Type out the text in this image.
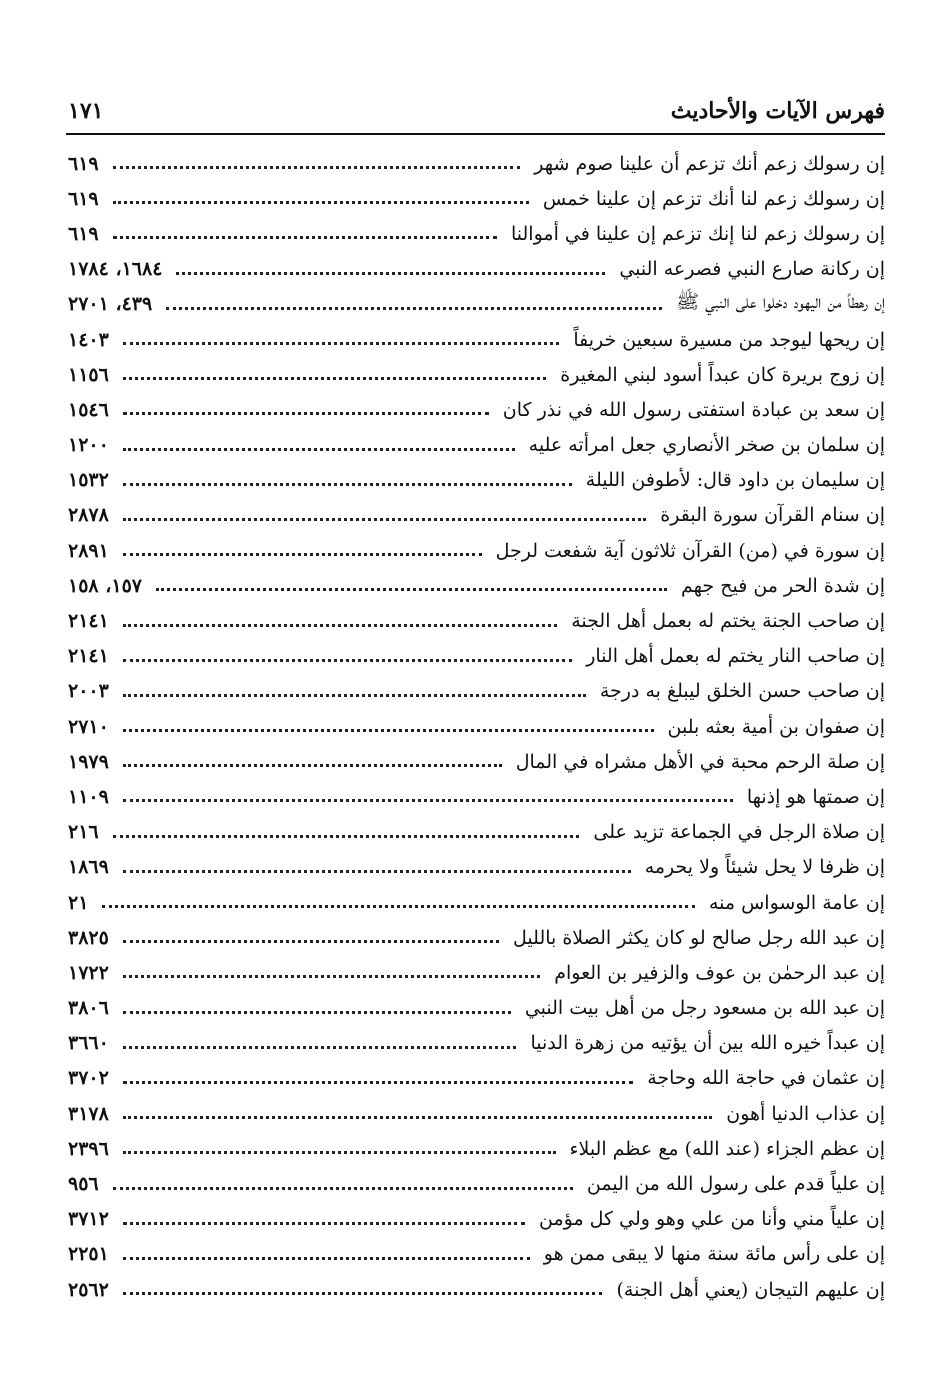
فهرس الآيات والأحاديث
١٧١
إن رسولك زعم أنك تزعم أن علينا صوم شهر
٦١٩
إن رسولك زعم لنا أنك تزعم إن علينا خمس
٦١٩
إن رسولك زعم لنا إنك تزعم إن علينا في أموالنا
٦١٩
إن ركانة صارع النبي فصرعه النبي
١٦٨٤، ١٧٨٤
إن رهطاً من اليهود دخلوا على النبي ﷺ
٤٣٩، ٢٧٠١
إن ريحها ليوجد من مسيرة سبعين خريفاً
١٤٠٣
إن زوج بريرة كان عبداً أسود لبني المغيرة
١١٥٦
إن سعد بن عبادة استفتى رسول الله في نذر كان
١٥٤٦
إن سلمان بن صخر الأنصاري جعل امرأته عليه
١٢٠٠
إن سليمان بن داود قال: لأطوفن الليلة
١٥٣٢
إن سنام القرآن سورة البقرة
٢٨٧٨
إن سورة في (من) القرآن ثلاثون آية شفعت لرجل
٢٨٩١
إن شدة الحر من فيح جهم
١٥٧، ١٥٨
إن صاحب الجنة يختم له بعمل أهل الجنة
٢١٤١
إن صاحب النار يختم له بعمل أهل النار
٢١٤١
إن صاحب حسن الخلق ليبلغ به درجة
٢٠٠٣
إن صفوان بن أمية بعثه بلبن
٢٧١٠
إن صلة الرحم محبة في الأهل مشراه في المال
١٩٧٩
إن صمتها هو إذنها
١١٠٩
إن صلاة الرجل في الجماعة تزيد على
٢١٦
إن ظرفا لا يحل شيئاً ولا يحرمه
١٨٦٩
إن عامة الوسواس منه
٢١
إن عبد الله رجل صالح لو كان يكثر الصلاة بالليل
٣٨٢٥
إن عبد الرحمٰن بن عوف والزفير بن العوام
١٧٢٢
إن عبد الله بن مسعود رجل من أهل بيت النبي
٣٨٠٦
إن عبداً خيره الله بين أن يؤتيه من زهرة الدنيا
٣٦٦٠
إن عثمان في حاجة الله وحاجة
٣٧٠٢
إن عذاب الدنيا أهون
٣١٧٨
إن عظم الجزاء (عند الله) مع عظم البلاء
٢٣٩٦
إن علياً قدم على رسول الله من اليمن
٩٥٦
إن علياً مني وأنا من علي وهو ولي كل مؤمن
٣٧١٢
إن على رأس مائة سنة منها لا يبقى ممن هو
٢٢٥١
إن عليهم التيجان (يعني أهل الجنة)
٢٥٦٢
